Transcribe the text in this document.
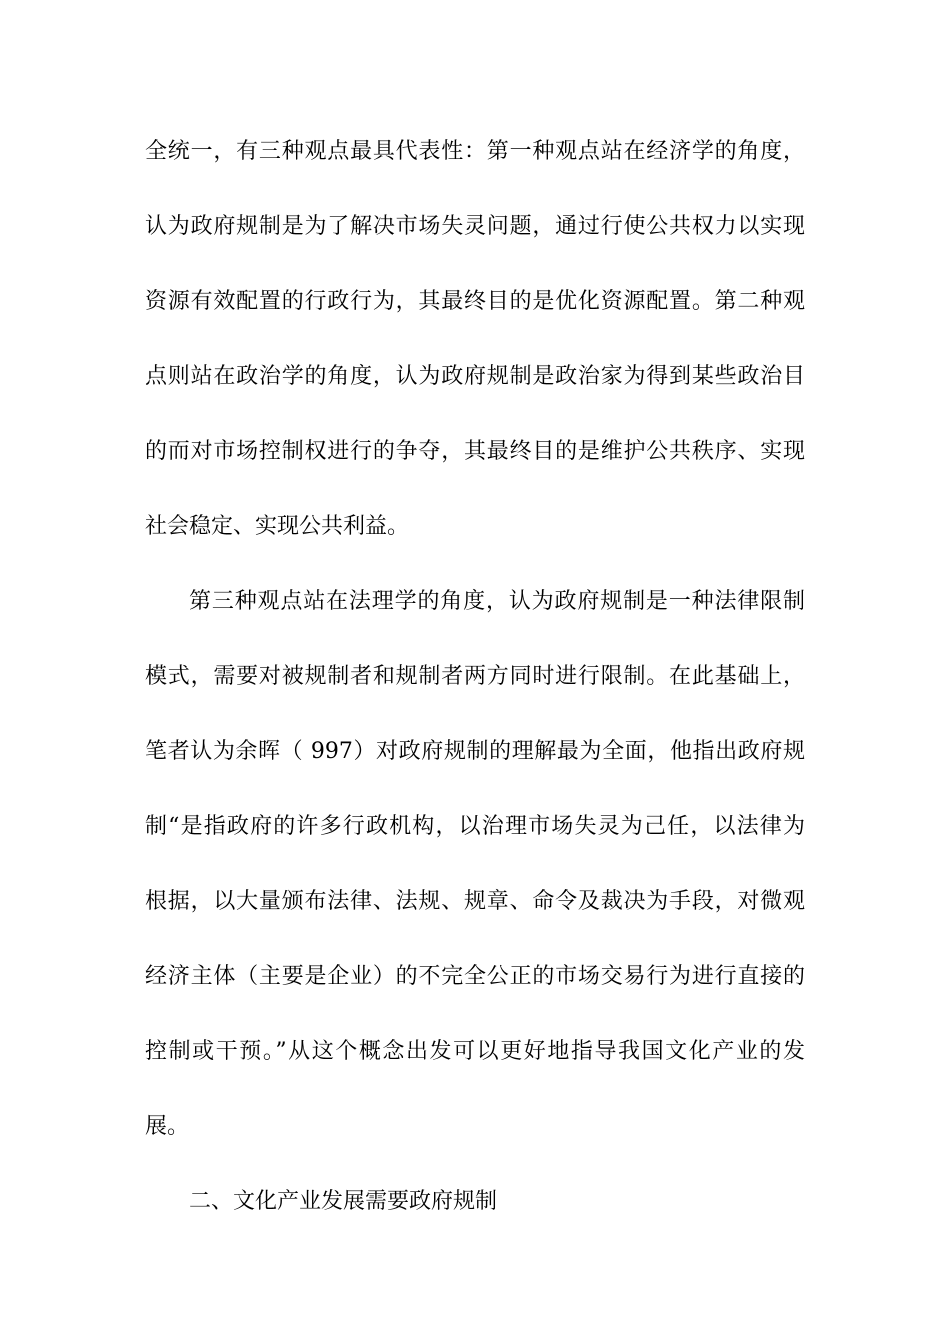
全统一，有三种观点最具代表性：第一种观点站在经济学的角度，
认为政府规制是为了解决市场失灵问题，通过行使公共权力以实现
资源有效配置的行政行为，其最终目的是优化资源配置。第二种观
点则站在政治学的角度，认为政府规制是政治家为得到某些政治目
的而对市场控制权进行的争夺，其最终目的是维护公共秩序、实现
社会稳定、实现公共利益。
第三种观点站在法理学的角度，认为政府规制是一种法律限制
模式，需要对被规制者和规制者两方同时进行限制。在此基础上，
笔者认为余晖（ 997）对政府规制的理解最为全面，他指出政府规
制“是指政府的许多行政机构，以治理市场失灵为己任，以法律为
根据，以大量颁布法律、法规、规章、命令及裁决为手段，对微观
经济主体（主要是企业）的不完全公正的市场交易行为进行直接的
控制或干预。”从这个概念出发可以更好地指导我国文化产业的发
展。
二、文化产业发展需要政府规制
